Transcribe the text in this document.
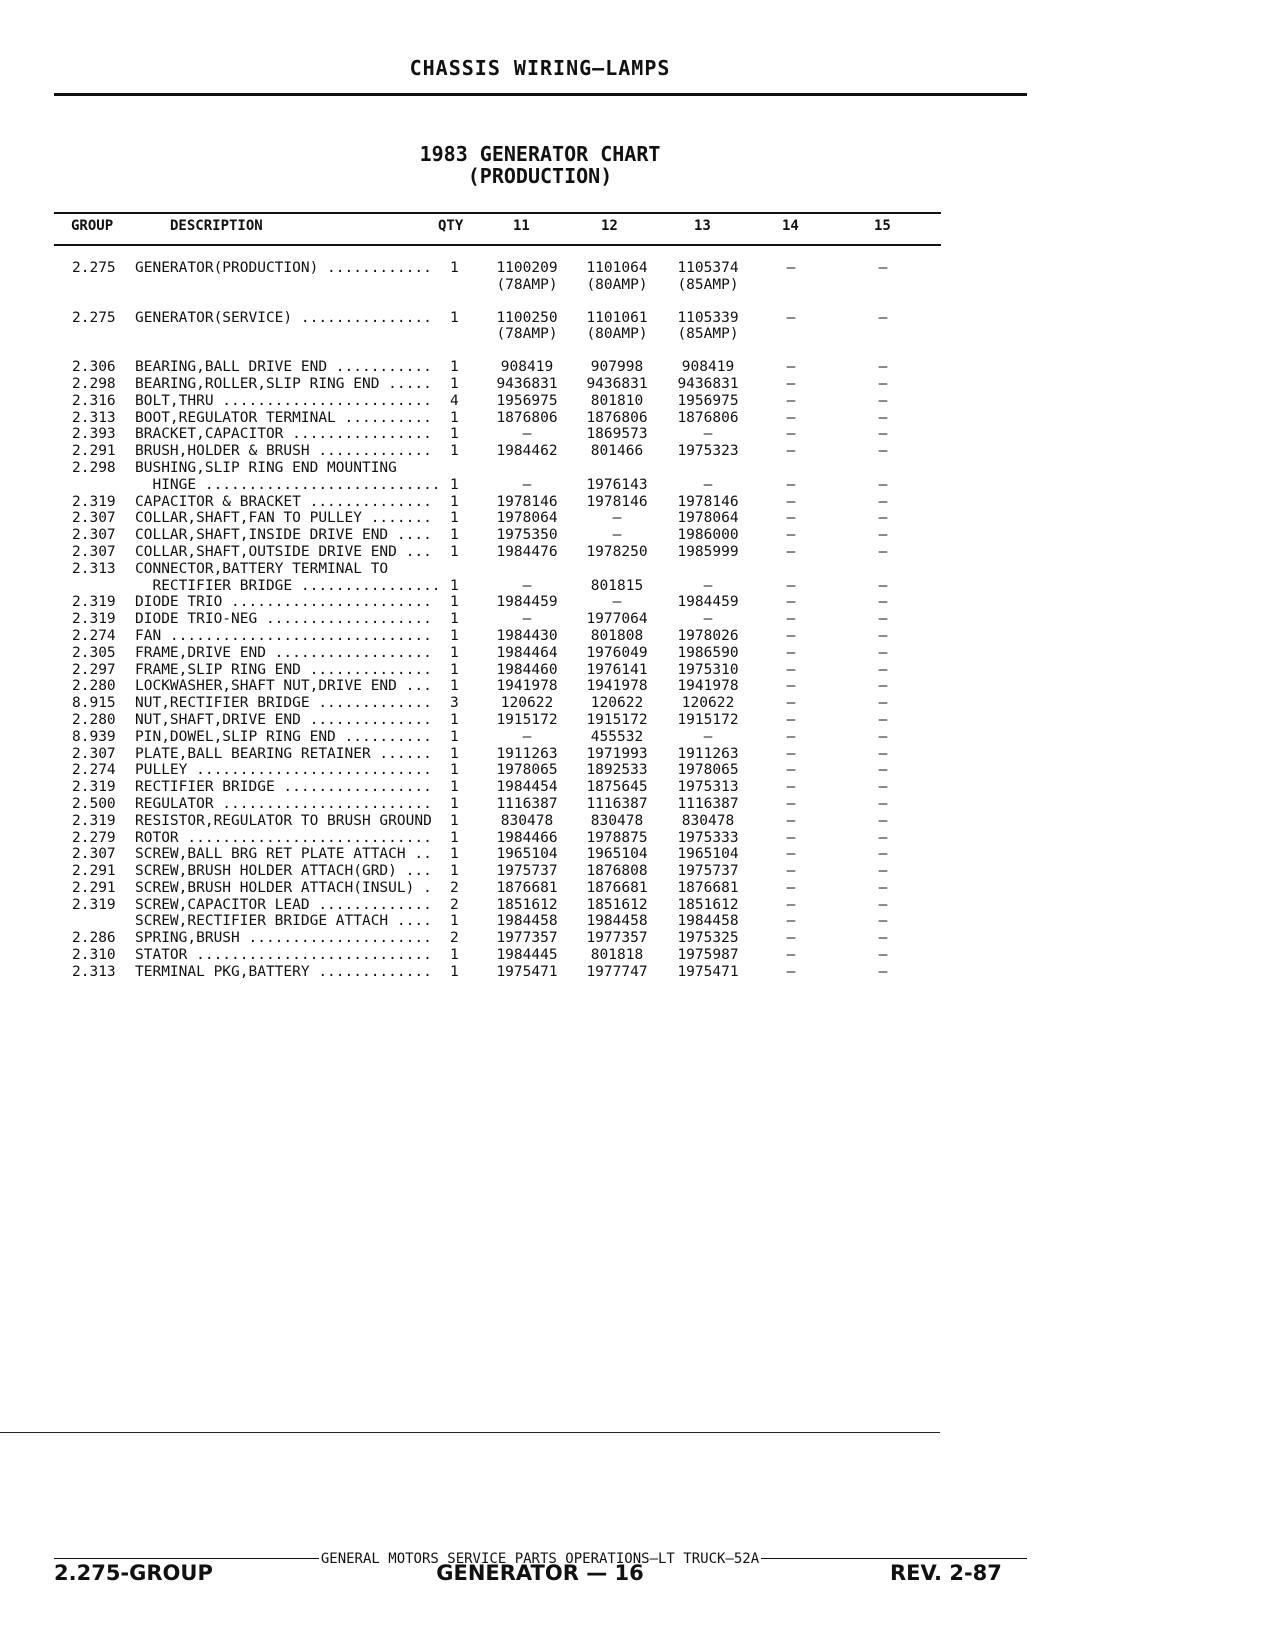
CHASSIS WIRING—LAMPS
1983 GENERATOR CHART
(PRODUCTION)
GROUP	DESCRIPTION	QTY	11	12	13	14	15
2.275 GENERATOR(PRODUCTION) ............ 1	1100209	1101064	1105374	—	—
(78AMP)	(80AMP)	(85AMP)
2.275 GENERATOR(SERVICE) ............... 1	1100250	1101061	1105339	—	—
(78AMP)	(80AMP)	(85AMP)
2.306 BEARING,BALL DRIVE END ........... 1	908419	907998	908419	—	—
2.298 BEARING,ROLLER,SLIP RING END ..... 1	9436831	9436831	9436831	—	—
2.316 BOLT,THRU ........................ 4	1956975	801810	1956975	—	—
2.313 BOOT,REGULATOR TERMINAL .......... 1	1876806	1876806	1876806	—	—
2.393 BRACKET,CAPACITOR ................ 1	—	1869573	—	—	—
2.291 BRUSH,HOLDER & BRUSH ............. 1	1984462	801466	1975323	—	—
2.298 BUSHING,SLIP RING END MOUNTING
HINGE ........................... 1	—	1976143	—	—	—
2.319 CAPACITOR & BRACKET .............. 1	1978146	1978146	1978146	—	—
2.307 COLLAR,SHAFT,FAN TO PULLEY ....... 1	1978064	—	1978064	—	—
2.307 COLLAR,SHAFT,INSIDE DRIVE END .... 1	1975350	—	1986000	—	—
2.307 COLLAR,SHAFT,OUTSIDE DRIVE END ... 1	1984476	1978250	1985999	—	—
2.313 CONNECTOR,BATTERY TERMINAL TO
RECTIFIER BRIDGE ................ 1	—	801815	—	—	—
2.319 DIODE TRIO ....................... 1	1984459	—	1984459	—	—
2.319 DIODE TRIO-NEG ................... 1	—	1977064	—	—	—
2.274 FAN .............................. 1	1984430	801808	1978026	—	—
2.305 FRAME,DRIVE END .................. 1	1984464	1976049	1986590	—	—
2.297 FRAME,SLIP RING END .............. 1	1984460	1976141	1975310	—	—
2.280 LOCKWASHER,SHAFT NUT,DRIVE END ... 1	1941978	1941978	1941978	—	—
8.915 NUT,RECTIFIER BRIDGE ............. 3	120622	120622	120622	—	—
2.280 NUT,SHAFT,DRIVE END .............. 1	1915172	1915172	1915172	—	—
8.939 PIN,DOWEL,SLIP RING END .......... 1	—	455532	—	—	—
2.307 PLATE,BALL BEARING RETAINER ...... 1	1911263	1971993	1911263	—	—
2.274 PULLEY ........................... 1	1978065	1892533	1978065	—	—
2.319 RECTIFIER BRIDGE ................. 1	1984454	1875645	1975313	—	—
2.500 REGULATOR ........................ 1	1116387	1116387	1116387	—	—
2.319 RESISTOR,REGULATOR TO BRUSH GROUND 1	830478	830478	830478	—	—
2.279 ROTOR ............................ 1	1984466	1978875	1975333	—	—
2.307 SCREW,BALL BRG RET PLATE ATTACH .. 1	1965104	1965104	1965104	—	—
2.291 SCREW,BRUSH HOLDER ATTACH(GRD) ... 1	1975737	1876808	1975737	—	—
2.291 SCREW,BRUSH HOLDER ATTACH(INSUL) . 2	1876681	1876681	1876681	—	—
2.319 SCREW,CAPACITOR LEAD ............. 2	1851612	1851612	1851612	—	—
SCREW,RECTIFIER BRIDGE ATTACH .... 1	1984458	1984458	1984458	—	—
2.286 SPRING,BRUSH ..................... 2	1977357	1977357	1975325	—	—
2.310 STATOR ........................... 1	1984445	801818	1975987	—	—
2.313 TERMINAL PKG,BATTERY ............. 1	1975471	1977747	1975471	—	—
GENERAL MOTORS SERVICE PARTS OPERATIONS—LT TRUCK—52A
2.275-GROUP	GENERATOR — 16	REV. 2-87
